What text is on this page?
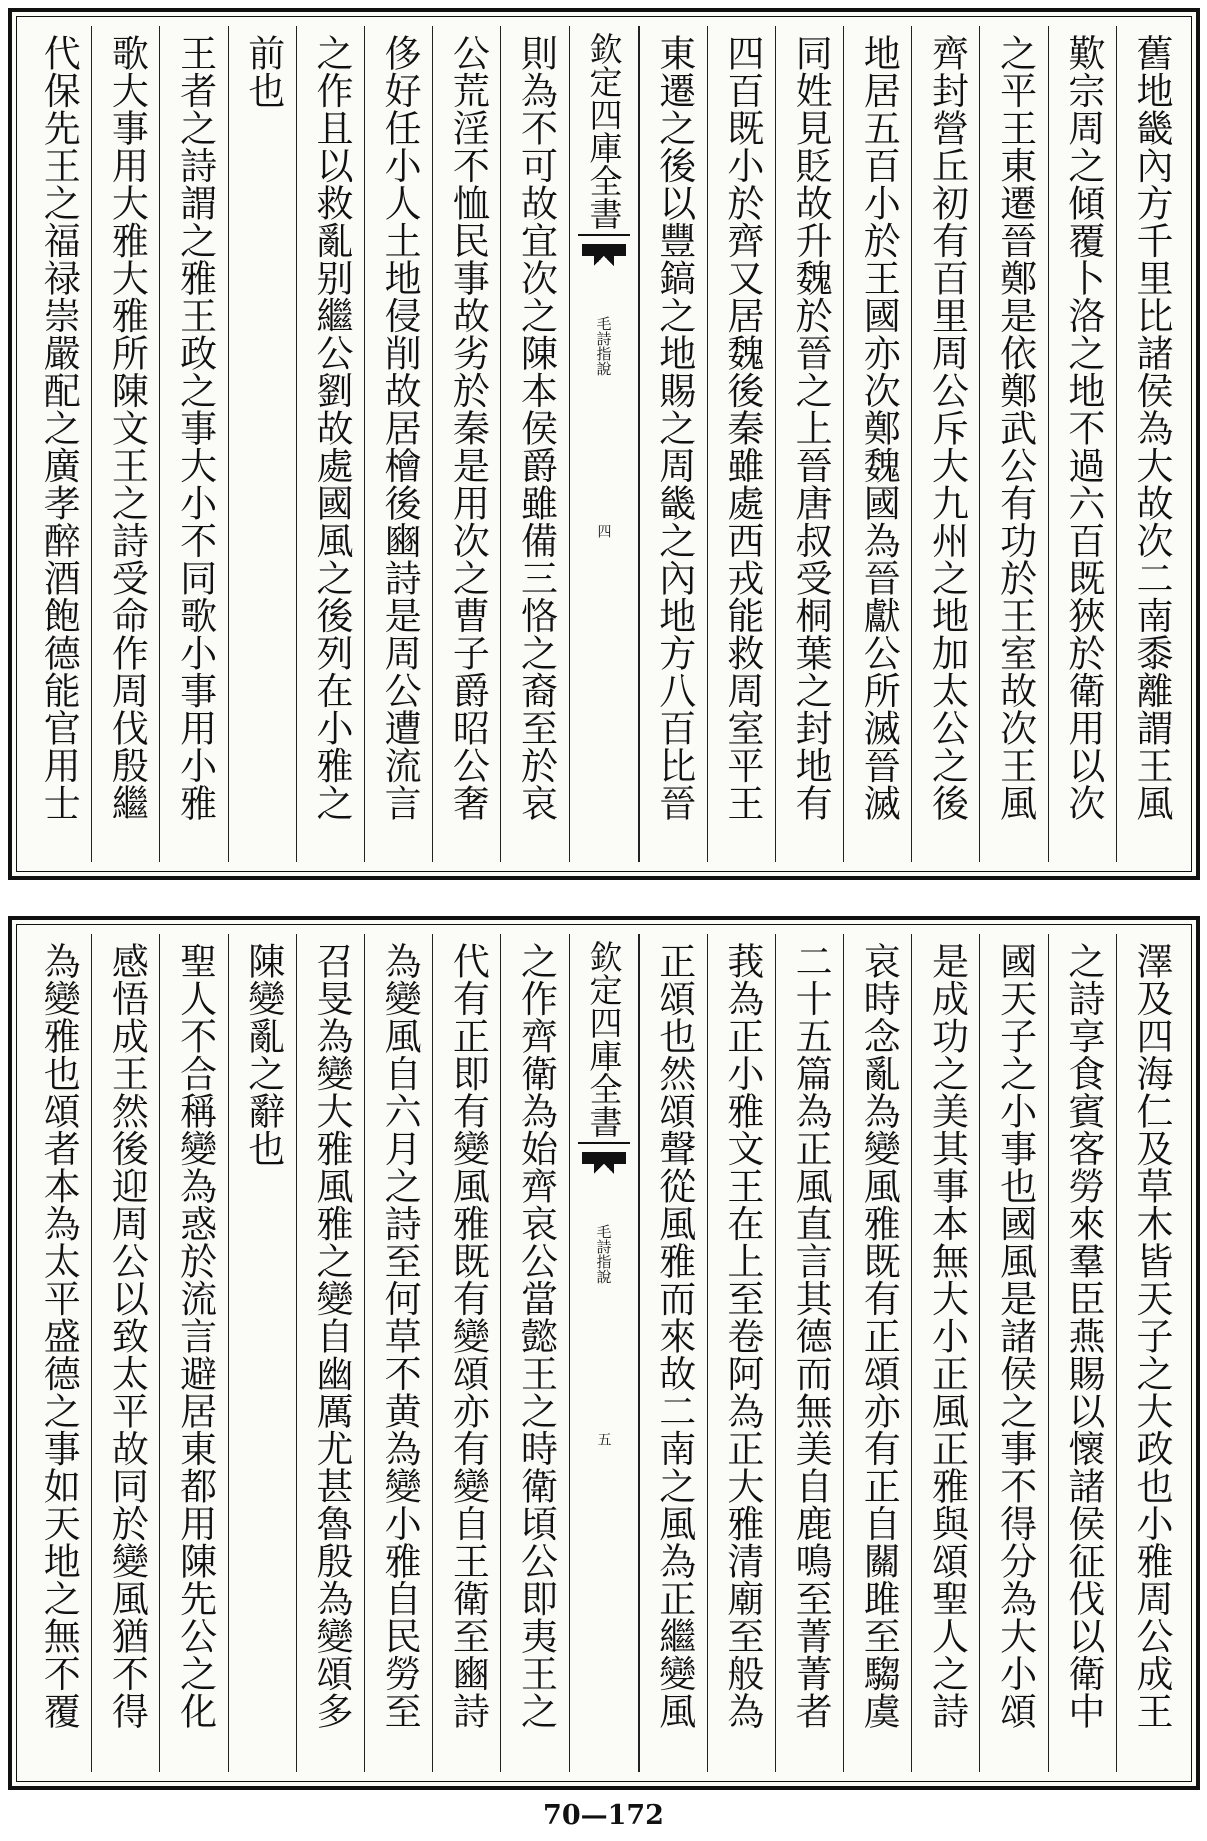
舊地畿內方千里比諸侯為大故次二南黍離謂王風
歎宗周之傾覆卜洛之地不過六百既狹於衛用以次
之平王東遷晉鄭是依鄭武公有功於王室故次王風
齊封營丘初有百里周公斥大九州之地加太公之後
地居五百小於王國亦次鄭魏國為晉獻公所滅晉滅
同姓見貶故升魏於晉之上晉唐叔受桐葉之封地有
四百既小於齊又居魏後秦雖處西戎能救周室平王
東遷之後以豐鎬之地賜之周畿之內地方八百比晉
欽定四庫全書
毛詩指說
四
則為不可故宜次之陳本侯爵雖備三恪之裔至於哀
公荒淫不恤民事故劣於秦是用次之曹子爵昭公奢
侈好任小人土地侵削故居檜後豳詩是周公遭流言
之作且以救亂别繼公劉故處國風之後列在小雅之
前也
王者之詩謂之雅王政之事大小不同歌小事用小雅
歌大事用大雅大雅所陳文王之詩受命作周伐殷繼
代保先王之福禄崇嚴配之廣孝醉酒飽德能官用士
澤及四海仁及草木皆天子之大政也小雅周公成王
之詩享食賓客勞來羣臣燕賜以懷諸侯征伐以衛中
國天子之小事也國風是諸侯之事不得分為大小頌
是成功之美其事本無大小正風正雅與頌聖人之詩
哀時念亂為變風雅既有正頌亦有正自關雎至騶虞
二十五篇為正風直言其德而無美自鹿鳴至菁菁者
莪為正小雅文王在上至卷阿為正大雅清廟至般為
正頌也然頌聲從風雅而來故二南之風為正繼變風
欽定四庫全書
毛詩指說
五
之作齊衛為始齊哀公當懿王之時衛頃公即夷王之
代有正即有變風雅既有變頌亦有變自王衛至豳詩
為變風自六月之詩至何草不黄為變小雅自民勞至
召旻為變大雅風雅之變自幽厲尤甚魯殷為變頌多
陳變亂之辭也
聖人不合稱變為惑於流言避居東都用陳先公之化
感悟成王然後迎周公以致太平故同於變風猶不得
為變雅也頌者本為太平盛德之事如天地之無不覆
70—172
